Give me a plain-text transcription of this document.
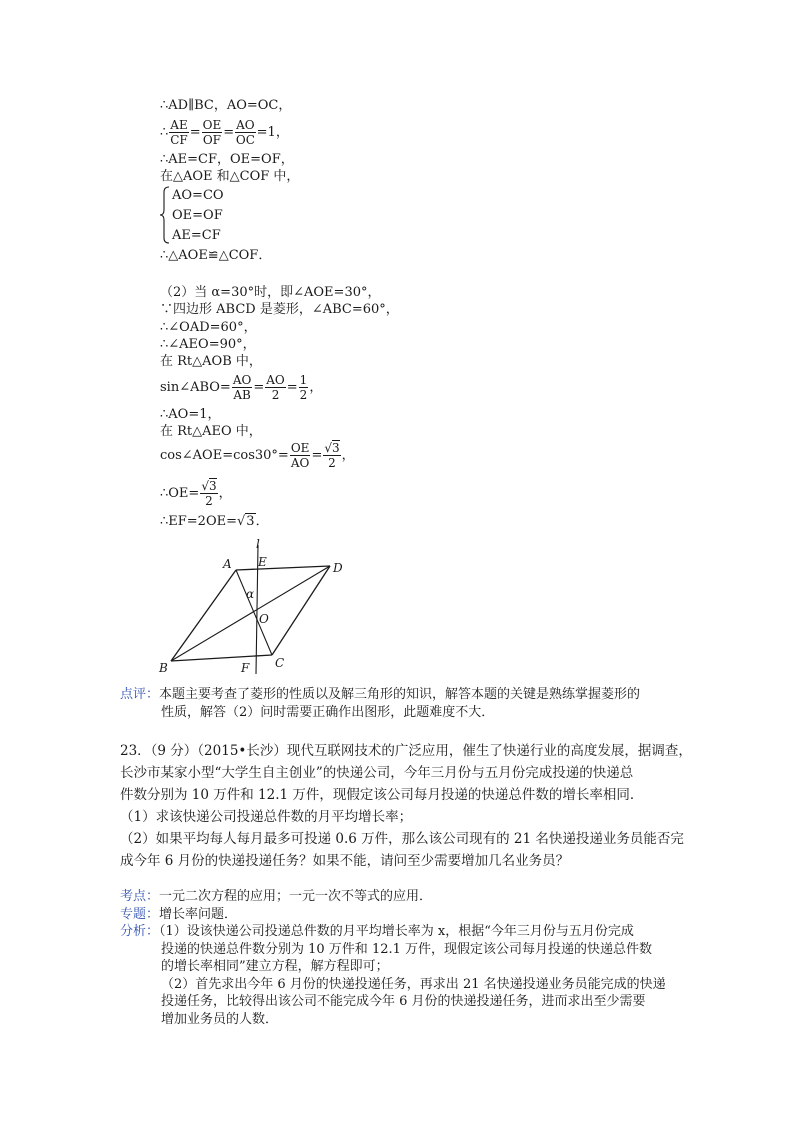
∴AD∥BC，AO=OC，
∴ $\frac{AE}{CF} = \frac{OE}{OF} = \frac{AO}{OC} =1$，
∴AE=CF，OE=OF，
在△AOE 和△COF 中，
AO=CO
OE=OF
AE=CF
∴△AOE≌△COF．
（2）当 α=30°时，即∠AOE=30°，
∵四边形 ABCD 是菱形，∠ABC=60°，
∴∠OAD=60°，
∴∠AEO=90°，
在 Rt△AOB 中，
sin∠ABO= $\frac{AO}{AB} = \frac{AO}{2} = \frac{1}{2}$ ，
∴AO=1，
在 Rt△AEO 中，
cos∠AOE=cos30°= $\frac{OE}{AO} = \frac{√3}{2}$ ，
∴OE= $\frac{√3}{2}$ ，
∴EF=2OE=√3．
A E	D
l
α
O
B	F C
点评：本题主要考查了菱形的性质以及解三角形的知识，解答本题的关键是熟练掌握菱形的
性质，解答（2）问时需要正确作出图形，此题难度不大．
23．（9 分）（2015•长沙）现代互联网技术的广泛应用，催生了快递行业的高度发展，据调查，
长沙市某家小型“大学生自主创业”的快递公司，今年三月份与五月份完成投递的快递总
件数分别为 10 万件和 12.1 万件，现假定该公司每月投递的快递总件数的增长率相同．
（1）求该快递公司投递总件数的月平均增长率；
（2）如果平均每人每月最多可投递 0.6 万件，那么该公司现有的 21 名快递投递业务员能否完
成今年 6 月份的快递投递任务？如果不能，请问至少需要增加几名业务员？
考点：一元二次方程的应用；一元一次不等式的应用．
专题：增长率问题．
分析：（1）设该快递公司投递总件数的月平均增长率为 x，根据“今年三月份与五月份完成
投递的快递总件数分别为 10 万件和 12.1 万件，现假定该公司每月投递的快递总件数
的增长率相同”建立方程，解方程即可；
（2）首先求出今年 6 月份的快递投递任务，再求出 21 名快递投递业务员能完成的快递
投递任务，比较得出该公司不能完成今年 6 月份的快递投递任务，进而求出至少需要
增加业务员的人数．
